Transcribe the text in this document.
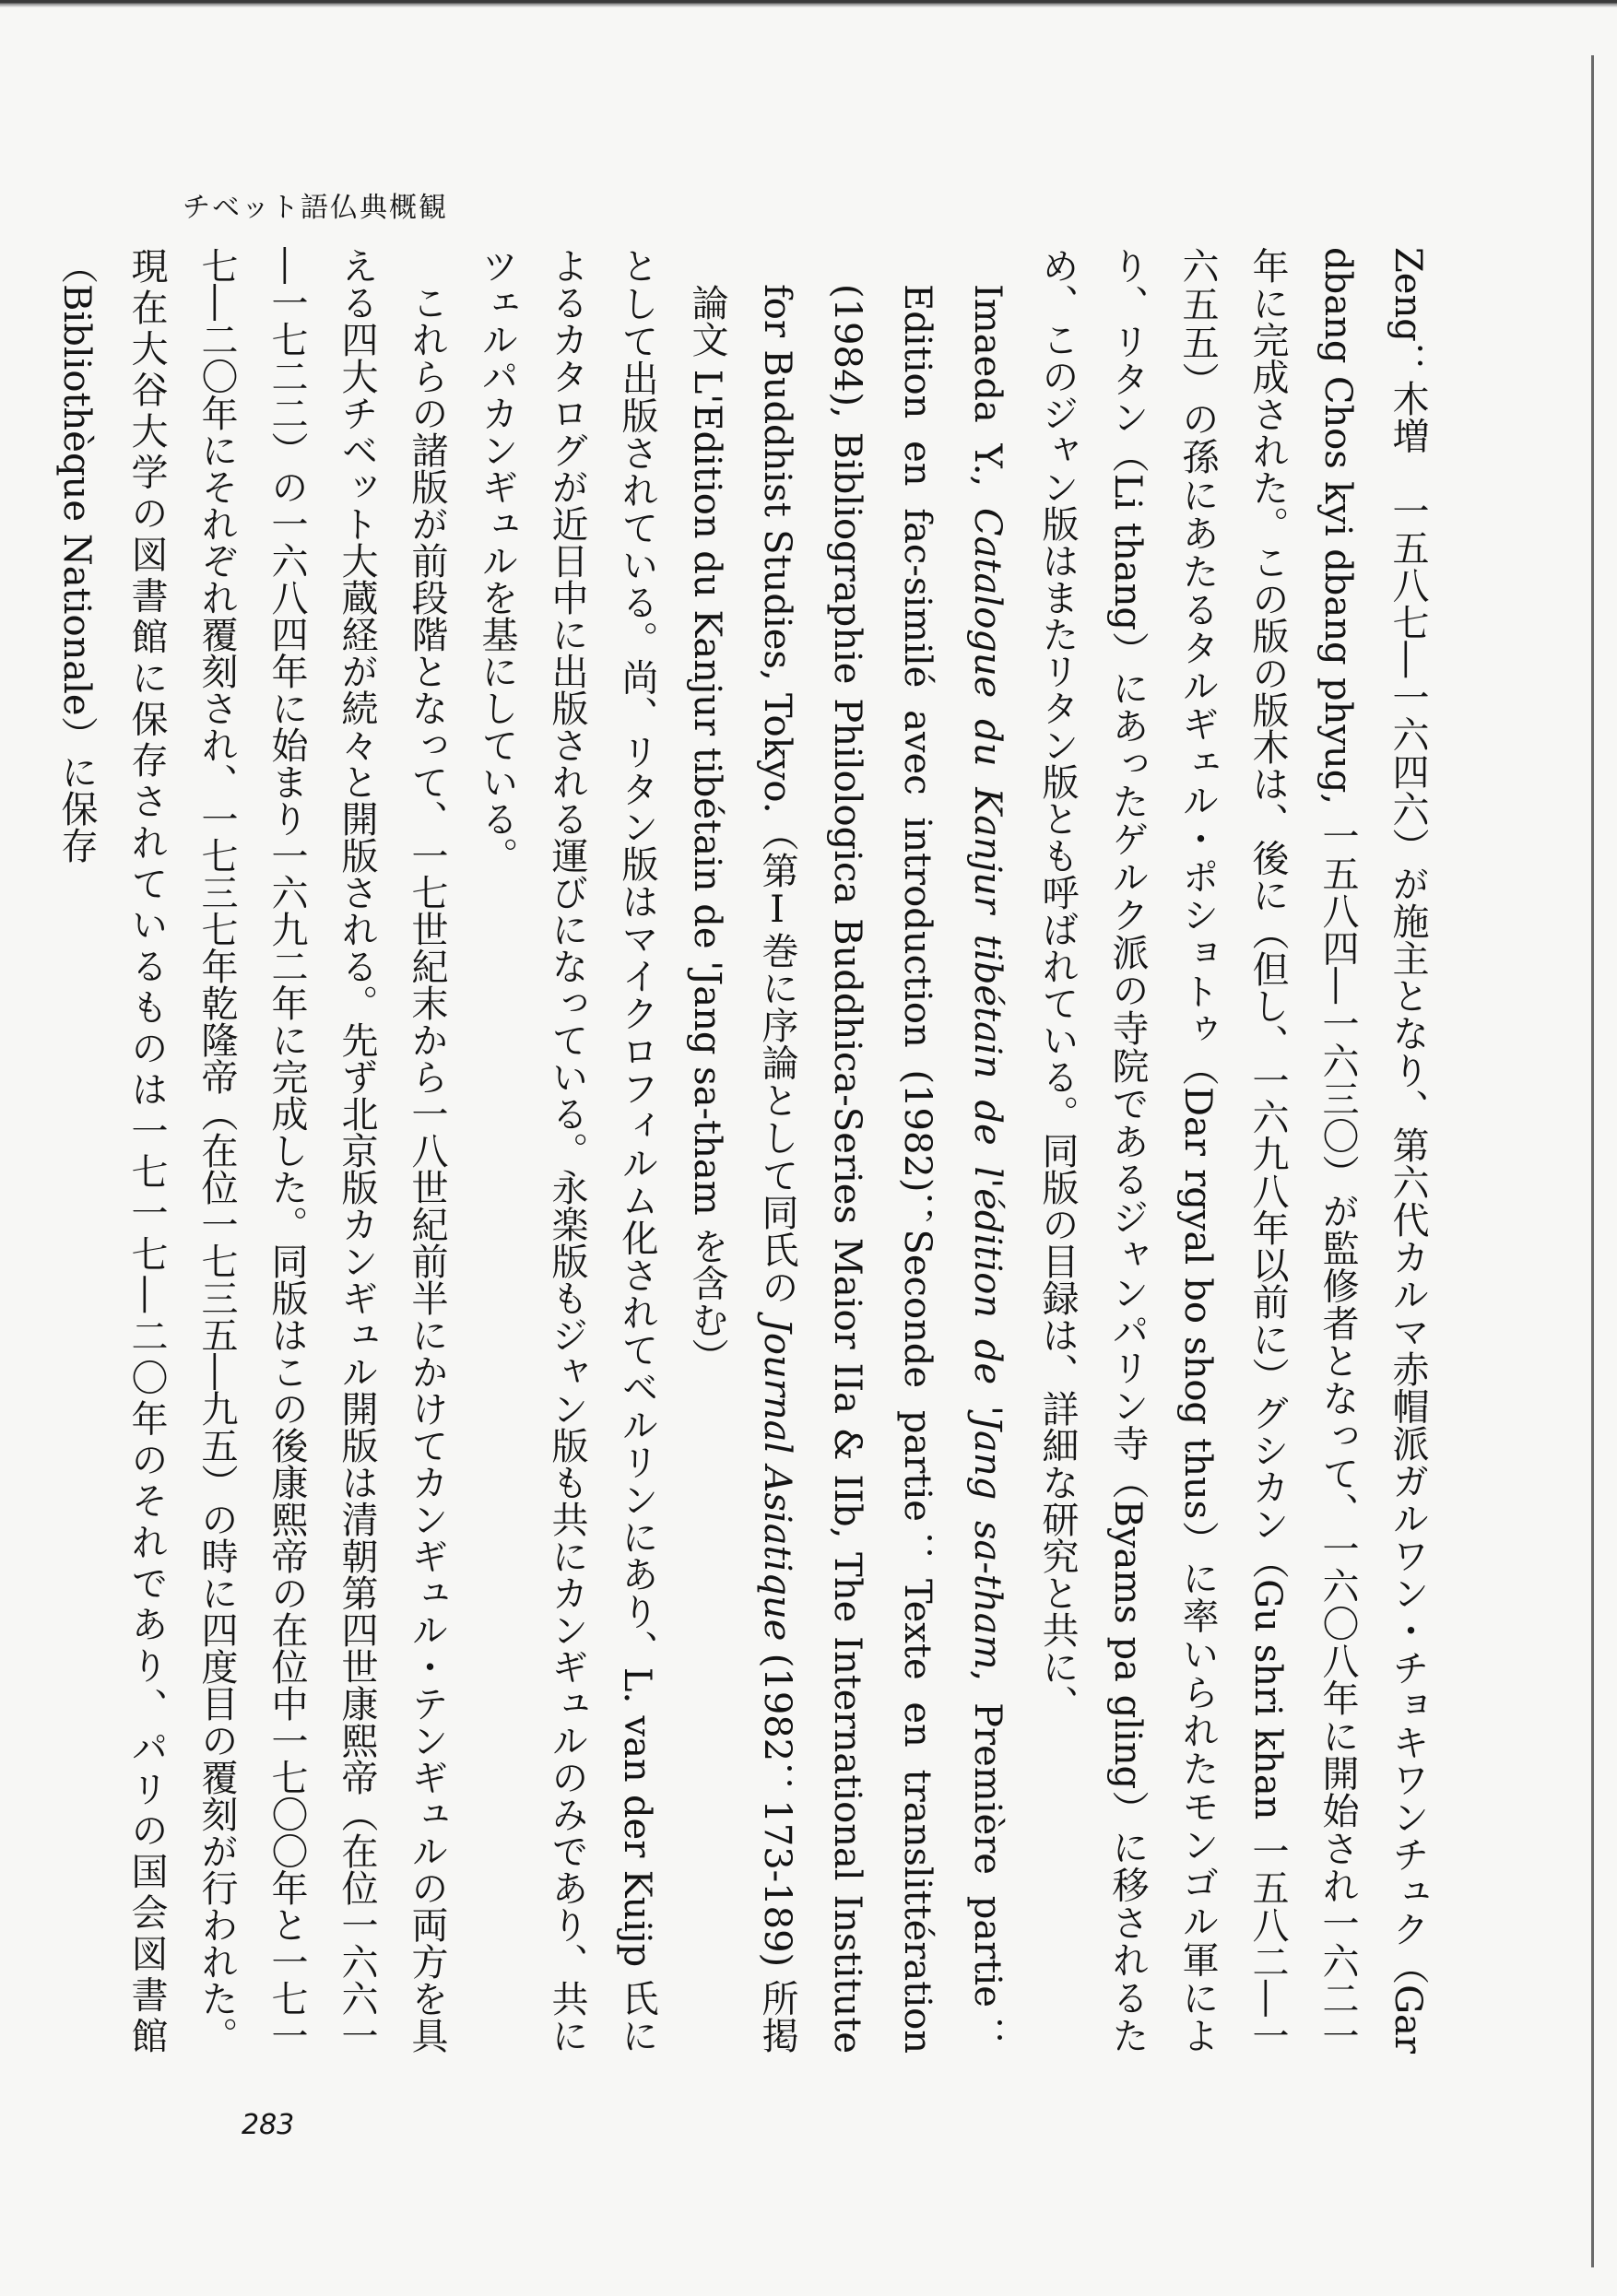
チベット語仏典概観

Zeng：木増　一五八七―一六四六）が施主となり、第六代カルマ赤帽派ガルワン・チョキワンチュク（Gar dbang Chos kyi dbang phyug, 一五八四―一六三〇）が監修者となって、一六〇八年に開始され一六二一年に完成された。この版の版木は、後に（但し、一六九八年以前に）グシカン（Gu shri khan 一五八二―一六五五）の孫にあたるタルギェル・ポショトゥ（Dar rgyal bo shog thus）に率いられたモンゴル軍により、リタン（Li thang）にあったゲルク派の寺院であるジャンパリン寺（Byams pa gling）に移されるため、このジャン版はまたリタン版とも呼ばれている。同版の目録は、詳細な研究と共に、

Imaeda Y., Catalogue du Kanjur tibétain de l'édition de 'Jang sa-tham, Première partie：Edition en fac-similé avec introduction (1982)；Seconde partie：Texte en translittération (1984), Bibliographie Philologica Buddhica-Series Maior IIa & IIb, The International Institute for Buddhist Studies, Tokyo.（第Ⅰ巻に序論として同氏の Journal Asiatique (1982：173-189) 所掲論文 L'Edition du Kanjur tibétain de 'Jang sa-tham を含む）

として出版されている。尚、リタン版はマイクロフィルム化されてベルリンにあり、L. van der Kuijp 氏によるカタログが近日中に出版される運びになっている。永楽版もジャン版も共にカンギュルのみであり、共にツェルパカンギュルを基にしている。

これらの諸版が前段階となって、一七世紀末から一八世紀前半にかけてカンギュル・テンギュルの両方を具える四大チベット大蔵経が続々と開版される。先ず北京版カンギュル開版は清朝第四世康熙帝（在位一六六一―一七二二）の一六八四年に始まり一六九二年に完成した。同版はこの後康熙帝の在位中一七〇〇年と一七一七―二〇年にそれぞれ覆刻され、一七三七年乾隆帝（在位一七三五―九五）の時に四度目の覆刻が行われた。現在大谷大学の図書館に保存されているものは一七一七―二〇年のそれであり、パリの国会図書館（Bibliothèque Nationale）に保存

283
